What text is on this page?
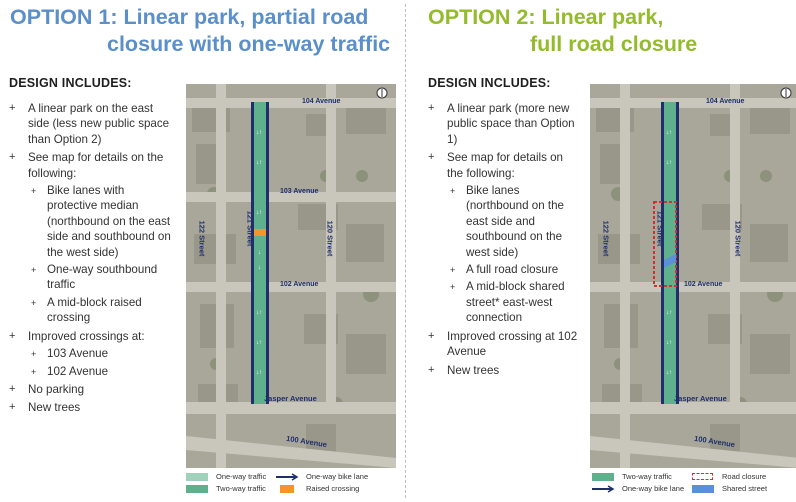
OPTION 1: Linear park, partial road
closure with one-way traffic
DESIGN INCLUDES:
+ A linear park on the east side (less new public space than Option 2)
+ See map for details on the following:
+ Bike lanes with protective median (northbound on the east side and southbound on the west side)
+ One-way southbound traffic
+ A mid-block raised crossing
+ Improved crossings at:
+ 103 Avenue
+ 102 Avenue
+ No parking
+ New trees
↓↑
↓↑
↓↑
↓
↓
↓↑
↓↑
↓↑
104 Avenue
103 Avenue
102 Avenue
Jasper Avenue
100 Avenue
122 Street	121 Street	120 Street
One-way traffic
Two-way traffic
One-way bike lane
Raised crossing
OPTION 2: Linear park,
full road closure
DESIGN INCLUDES:
+ A linear park (more new public space than Option 1)
+ See map for details on the following:
+ Bike lanes (northbound on the east side and southbound on the west side)
+ A full road closure
+ A mid-block shared street* east-west connection
+ Improved crossing at 102 Avenue
+ New trees
↓↑
↓↑
↓↑
↓↑
↓↑
104 Avenue
102 Avenue
Jasper Avenue
100 Avenue
122 Street	121 Street	120 Street
Two-way traffic
One-way bike lane
Road closure
Shared street
